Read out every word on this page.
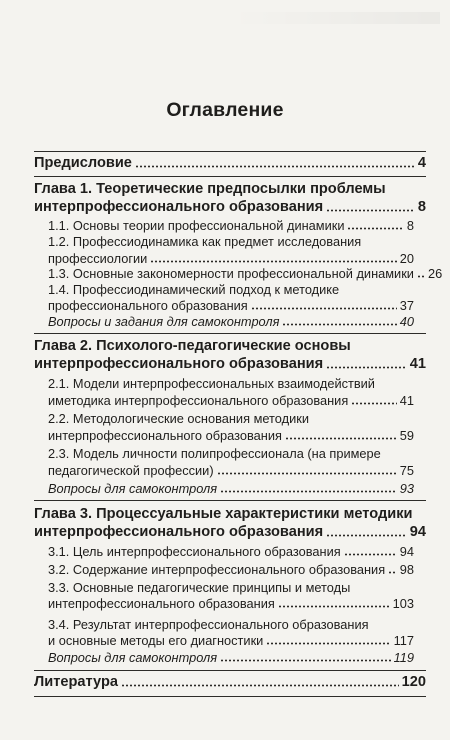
Оглавление
Предисловие	4
Глава 1. Теоретические предпосылки проблемы
интерпрофессионального образования	8
1.1. Основы теории профессиональной динамики	8
1.2. Профессиодинамика как предмет исследования
профессиологии	20
1.3. Основные закономерности профессиональной динамики 26
1.4. Профессиодинамический подход к методике
профессионального образования	37
Вопросы и задания для самоконтроля	40
Глава 2. Психолого-педагогические основы
интерпрофессионального образования	41
2.1. Модели интерпрофессиональных взаимодействий
иметодика интерпрофессионального образования	41
2.2. Методологические основания методики
интерпрофессионального образования	59
2.3. Модель личности полипрофессионала (на примере
педагогической профессии)	75
Вопросы для самоконтроля	93
Глава 3. Процессуальные характеристики методики
интерпрофессионального образования	94
3.1. Цель интерпрофессионального образования	94
3.2. Содержание интерпрофессионального образования 98
3.3. Основные педагогические принципы и методы
интепрофессионального образования	103
3.4. Результат интерпрофессионального образования
и основные методы его диагностики	117
Вопросы для самоконтроля	119
Литература	120
